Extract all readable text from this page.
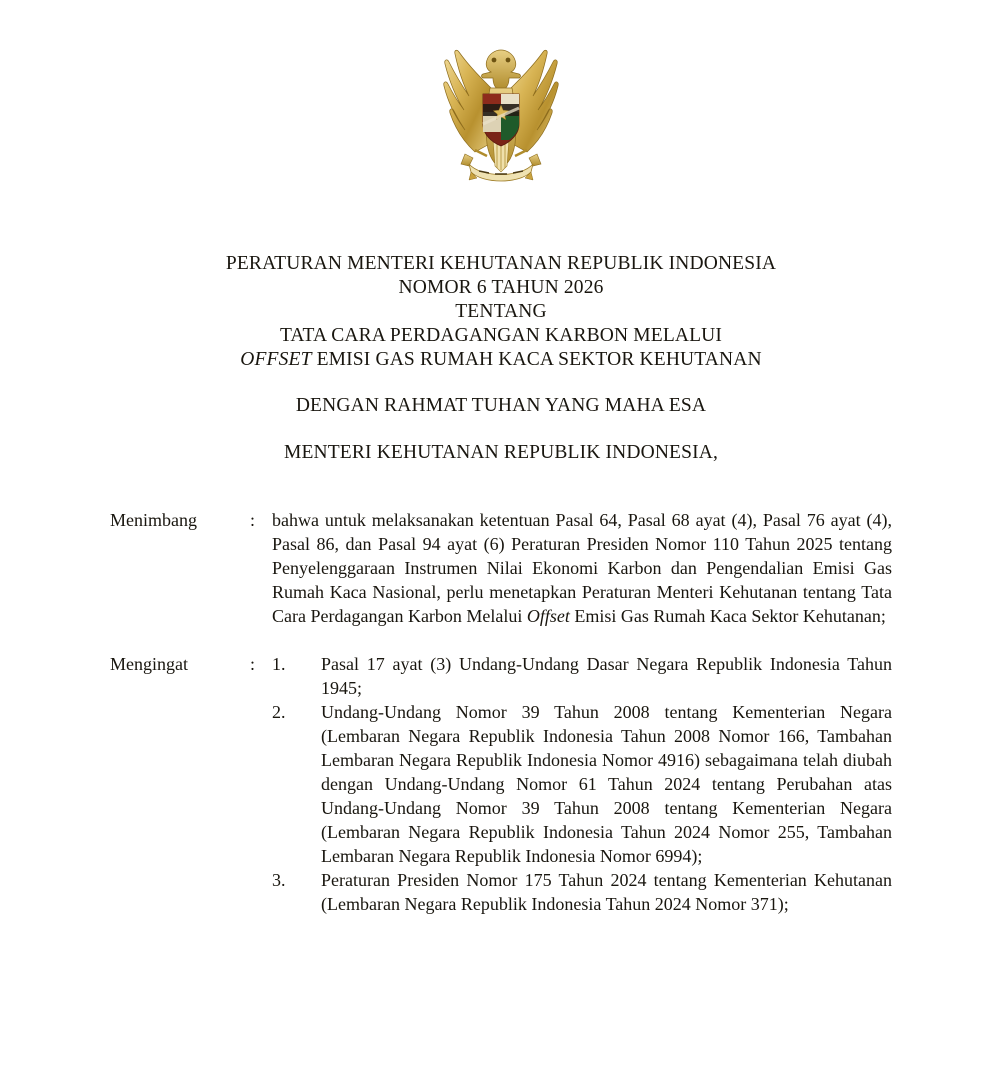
PERATURAN MENTERI KEHUTANAN REPUBLIK INDONESIA
NOMOR 6 TAHUN 2026
TENTANG
TATA CARA PERDAGANGAN KARBON MELALUI
OFFSET EMISI GAS RUMAH KACA SEKTOR KEHUTANAN
DENGAN RAHMAT TUHAN YANG MAHA ESA
MENTERI KEHUTANAN REPUBLIK INDONESIA,
Menimbang	: bahwa untuk melaksanakan ketentuan Pasal 64, Pasal 68 ayat (4), Pasal 76 ayat (4), Pasal 86, dan Pasal 94 ayat (6) Peraturan Presiden Nomor 110 Tahun 2025 tentang Penyelenggaraan Instrumen Nilai Ekonomi Karbon dan Pengendalian Emisi Gas Rumah Kaca Nasional, perlu menetapkan Peraturan Menteri Kehutanan tentang Tata Cara Perdagangan Karbon Melalui Offset Emisi Gas Rumah Kaca Sektor Kehutanan;

Mengingat	: 1.	Pasal 17 ayat (3) Undang-Undang Dasar Negara Republik Indonesia Tahun 1945;
2.	Undang-Undang Nomor 39 Tahun 2008 tentang Kementerian Negara (Lembaran Negara Republik Indonesia Tahun 2008 Nomor 166, Tambahan Lembaran Negara Republik Indonesia Nomor 4916) sebagaimana telah diubah dengan Undang-Undang Nomor 61 Tahun 2024 tentang Perubahan atas Undang-Undang Nomor 39 Tahun 2008 tentang Kementerian Negara (Lembaran Negara Republik Indonesia Tahun 2024 Nomor 255, Tambahan Lembaran Negara Republik Indonesia Nomor 6994);
3.	Peraturan Presiden Nomor 175 Tahun 2024 tentang Kementerian Kehutanan (Lembaran Negara Republik Indonesia Tahun 2024 Nomor 371);
